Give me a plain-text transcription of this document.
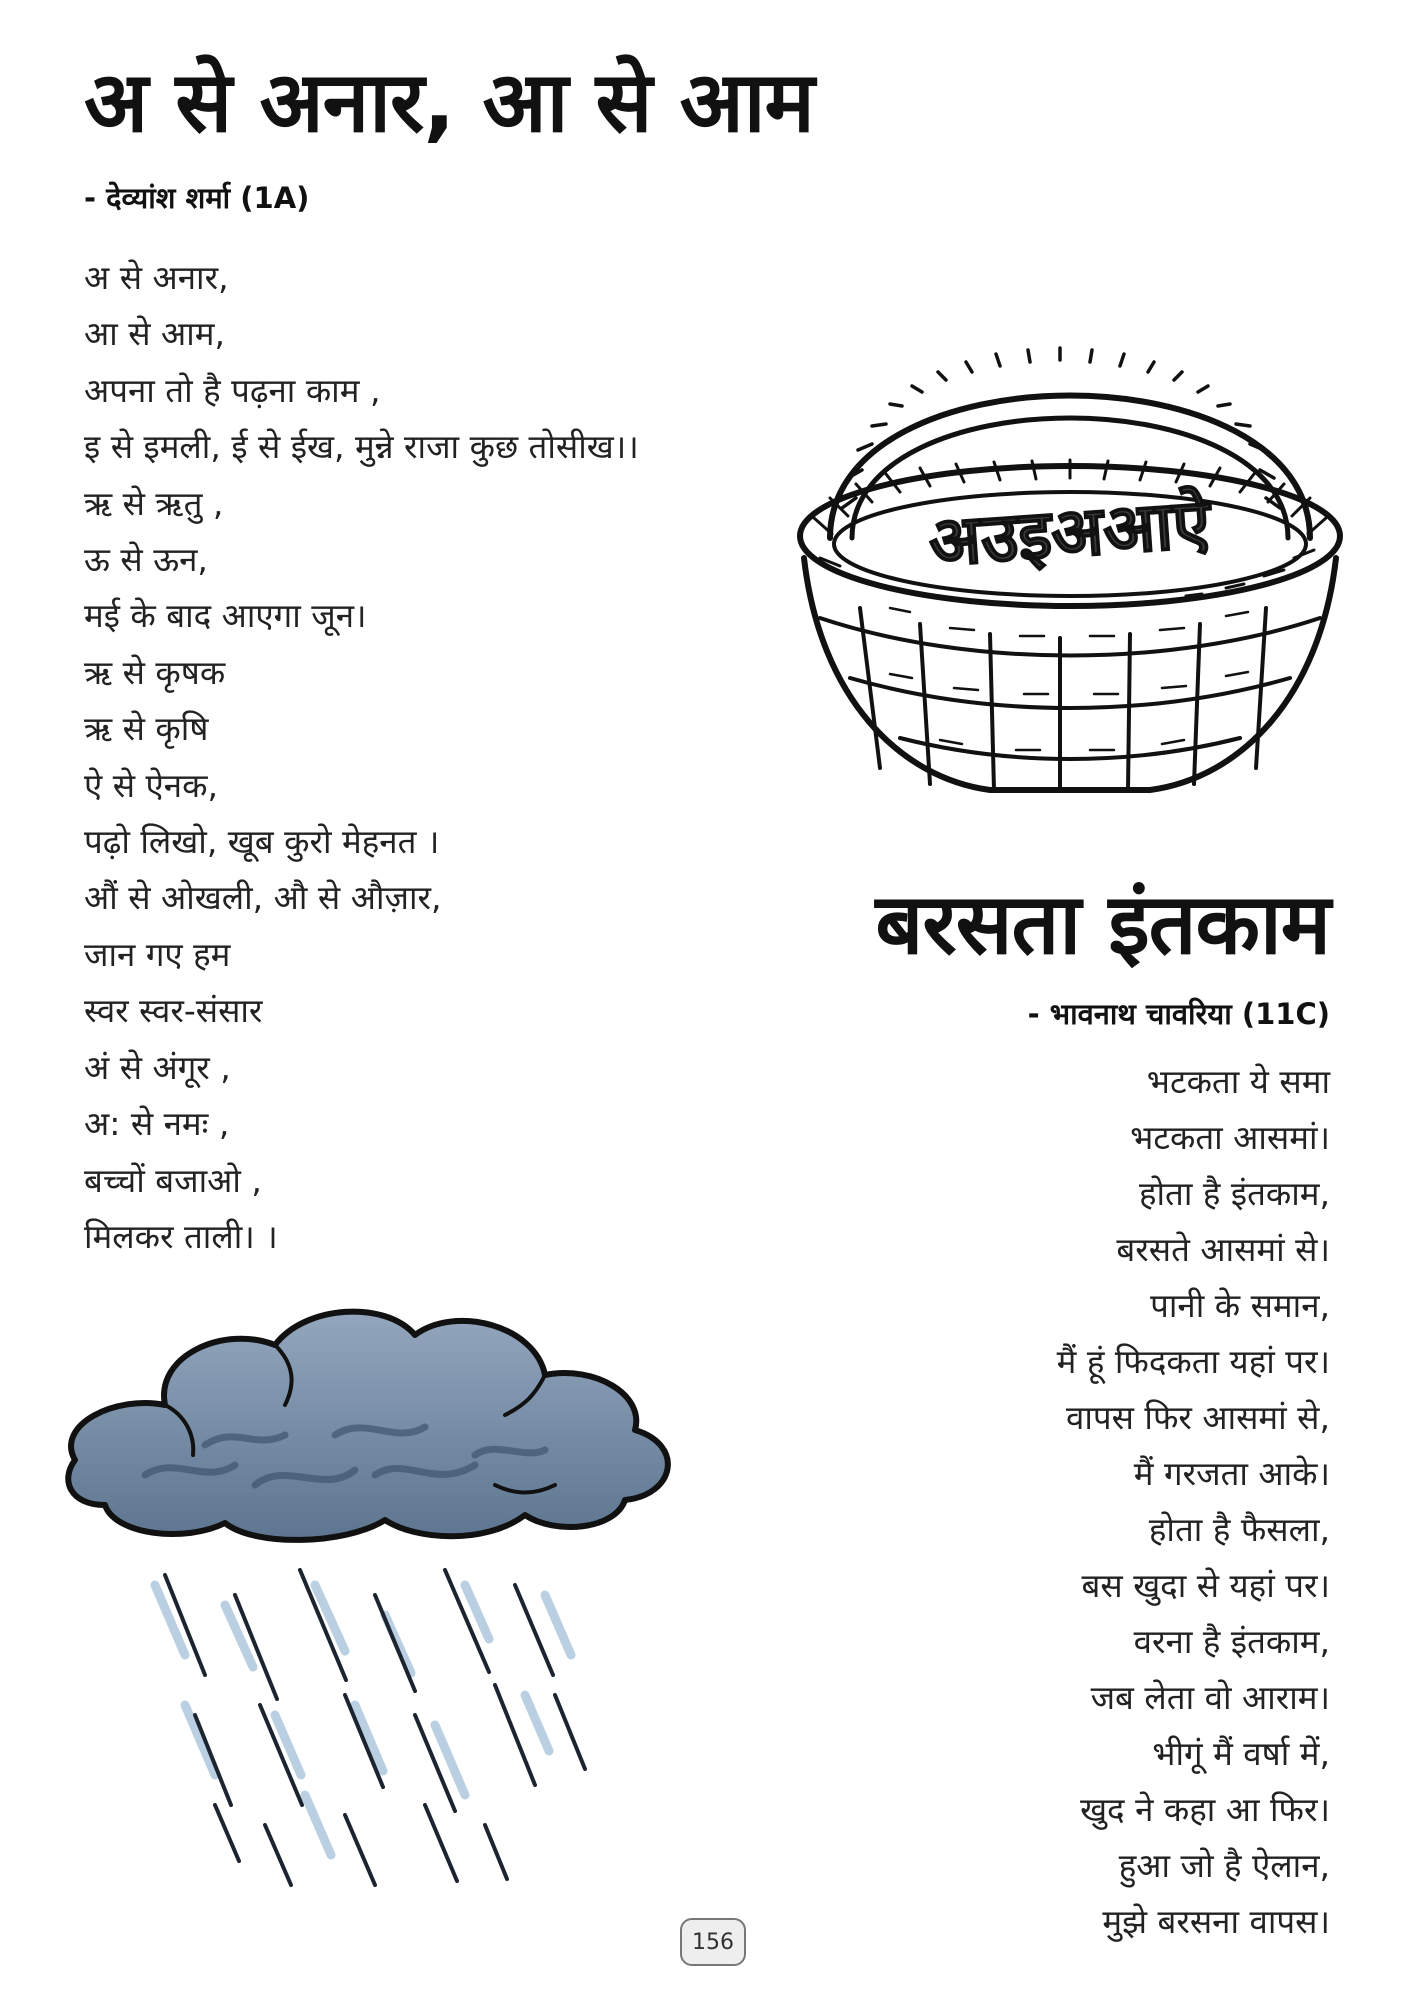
अ से अनार, आ से आम
- देव्यांश शर्मा (1A)
अ से अनार,
आ से आम,
अपना तो है पढ़ना काम ,
इ से इमली, ई से ईख, मुन्ने राजा कुछ तोसीख।।
ऋ से ऋतु ,
ऊ से ऊन,
मई के बाद आएगा जून।
ऋ से कृषक
ऋ से कृषि
ऐ से ऐनक,
पढ़ो लिखो, खूब कुरो मेहनत ।
औं से ओखली, औ से औज़ार,
जान गए हम
स्वर स्वर-संसार
अं से अंगूर ,
अ: से नमः ,
बच्चों बजाओ ,
मिलकर ताली। ।
अउइअआऐ
बरसता इंतकाम
- भावनाथ चावरिया (11C)
भटकता ये समा
भटकता आसमां।
होता है इंतकाम,
बरसते आसमां से।
पानी के समान,
मैं हूं फिदकता यहां पर।
वापस फिर आसमां से,
मैं गरजता आके।
होता है फैसला,
बस खुदा से यहां पर।
वरना है इंतकाम,
जब लेता वो आराम।
भीगूं मैं वर्षा में,
खुद ने कहा आ फिर।
हुआ जो है ऐलान,
मुझे बरसना वापस।
156
